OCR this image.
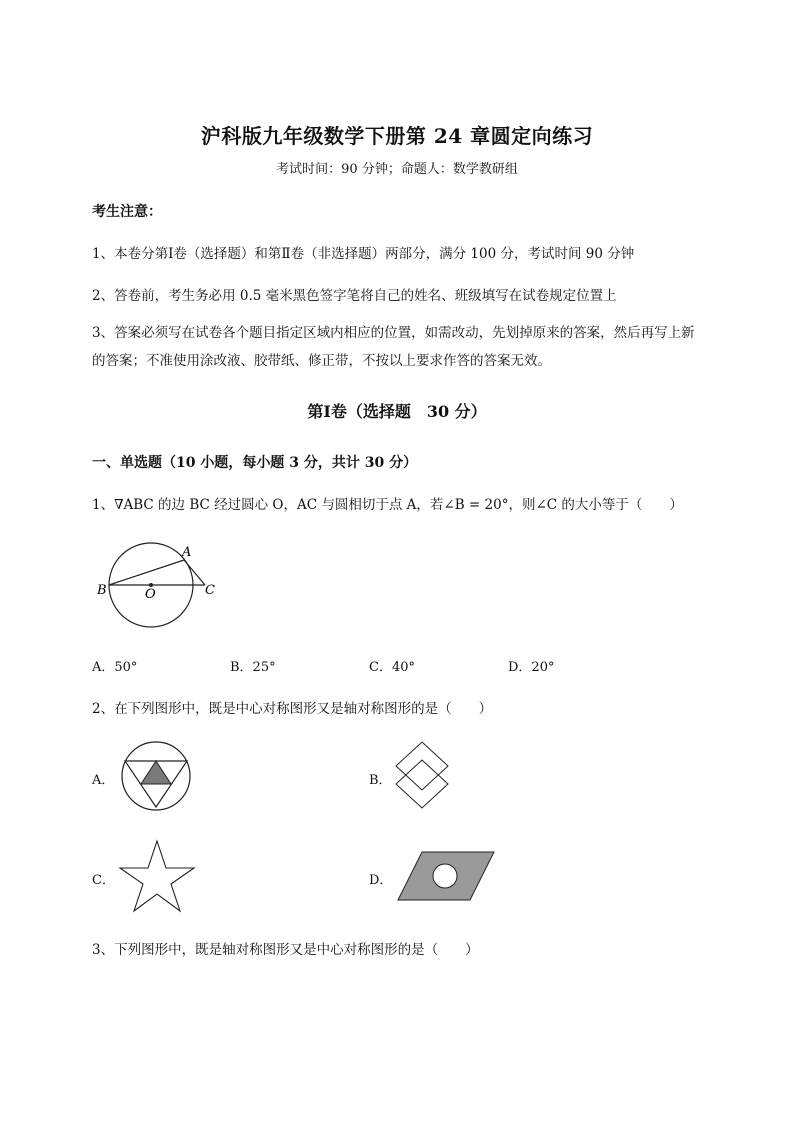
沪科版九年级数学下册第 24 章圆定向练习
考试时间：90 分钟；命题人：数学教研组
考生注意：
1、本卷分第Ⅰ卷（选择题）和第Ⅱ卷（非选择题）两部分，满分 100 分，考试时间 90 分钟
2、答卷前，考生务必用 0.5 毫米黑色签字笔将自己的姓名、班级填写在试卷规定位置上
3、答案必须写在试卷各个题目指定区域内相应的位置，如需改动，先划掉原来的答案，然后再写上新的答案；不准使用涂改液、胶带纸、修正带，不按以上要求作答的答案无效。
第Ⅰ卷（选择题　30 分）
一、单选题（10 小题，每小题 3 分，共计 30 分）
1、∇ABC 的边 BC 经过圆心 O，AC 与圆相切于点 A，若∠B = 20°，则∠C 的大小等于（　　）
B	O	C
A
A．50°	B．25°	C．40°	D．20°
2、在下列图形中，既是中心对称图形又是轴对称图形的是（　　）
A．	B．
C．	D．
3、下列图形中，既是轴对称图形又是中心对称图形的是（　　）
